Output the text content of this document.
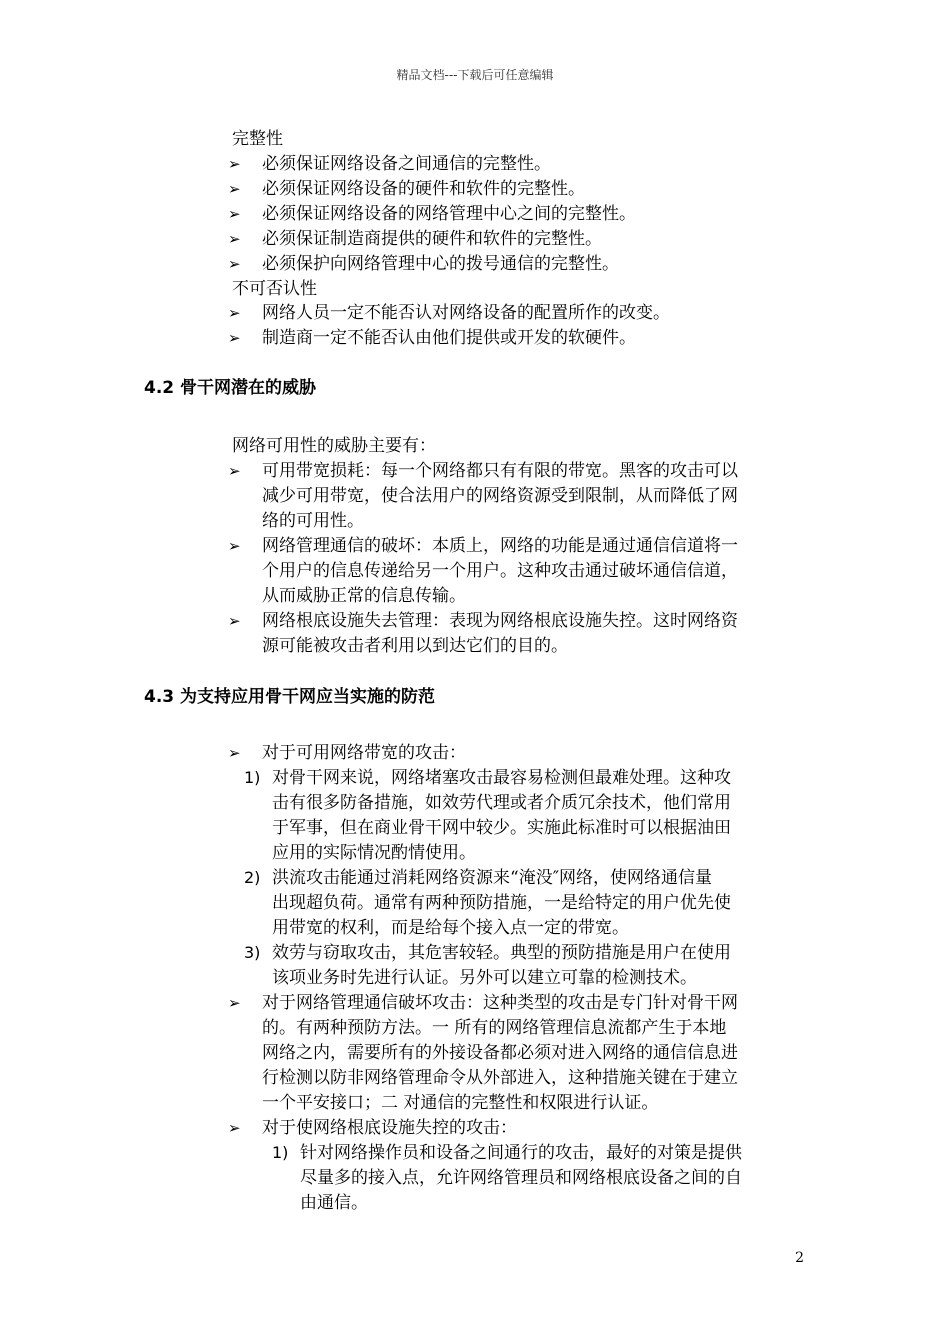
精品文档---下载后可任意编辑
完整性
➢ 必须保证网络设备之间通信的完整性。
➢ 必须保证网络设备的硬件和软件的完整性。
➢ 必须保证网络设备的网络管理中心之间的完整性。
➢ 必须保证制造商提供的硬件和软件的完整性。
➢ 必须保护向网络管理中心的拨号通信的完整性。
不可否认性
➢ 网络人员一定不能否认对网络设备的配置所作的改变。
➢ 制造商一定不能否认由他们提供或开发的软硬件。
4.2 骨干网潜在的威胁
网络可用性的威胁主要有：
➢ 可用带宽损耗：每一个网络都只有有限的带宽。黑客的攻击可以
减少可用带宽，使合法用户的网络资源受到限制，从而降低了网
络的可用性。
➢ 网络管理通信的破坏：本质上，网络的功能是通过通信信道将一
个用户的信息传递给另一个用户。这种攻击通过破坏通信信道，
从而威胁正常的信息传输。
➢ 网络根底设施失去管理：表现为网络根底设施失控。这时网络资
源可能被攻击者利用以到达它们的目的。
4.3 为支持应用骨干网应当实施的防范
➢ 对于可用网络带宽的攻击：
1) 对骨干网来说，网络堵塞攻击最容易检测但最难处理。这种攻
击有很多防备措施，如效劳代理或者介质冗余技术，他们常用
于军事，但在商业骨干网中较少。实施此标准时可以根据油田
应用的实际情况酌情使用。
2) 洪流攻击能通过消耗网络资源来“淹没″网络，使网络通信量
出现超负荷。通常有两种预防措施，一是给特定的用户优先使
用带宽的权利，而是给每个接入点一定的带宽。
3) 效劳与窃取攻击，其危害较轻。典型的预防措施是用户在使用
该项业务时先进行认证。另外可以建立可靠的检测技术。
➢ 对于网络管理通信破坏攻击：这种类型的攻击是专门针对骨干网
的。有两种预防方法。一 所有的网络管理信息流都产生于本地
网络之内，需要所有的外接设备都必须对进入网络的通信信息进
行检测以防非网络管理命令从外部进入，这种措施关键在于建立
一个平安接口；二 对通信的完整性和权限进行认证。
➢ 对于使网络根底设施失控的攻击：
1) 针对网络操作员和设备之间通行的攻击，最好的对策是提供
尽量多的接入点，允许网络管理员和网络根底设备之间的自
由通信。
2
